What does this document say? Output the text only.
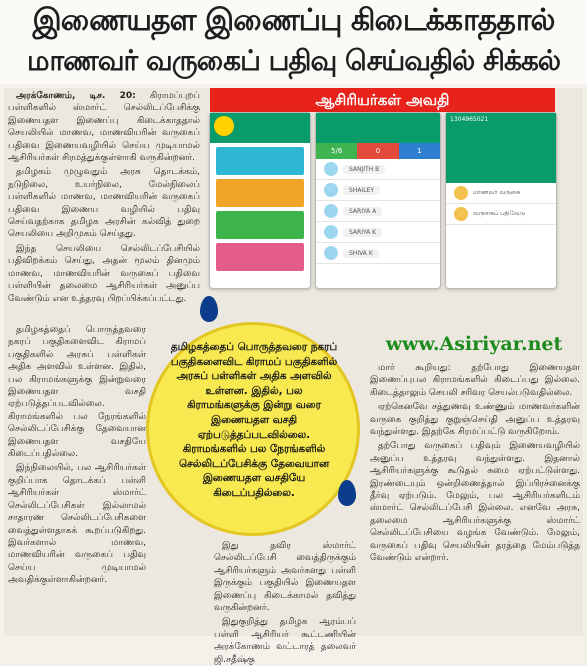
இணையதள இணைப்பு கிடைக்காததால்
மாணவர் வருகைப் பதிவு செய்வதில் சிக்கல்

அரக்கோணம், டிச. 20: கிராமப்புறப் பள்ளிகளில் ஸ்மார்ட் செல்லிடப்பேசிக்கு இணையதள இணைப்பு கிடைக்காததால் செயலியில் மாணவ, மாணவியரின் வருகைப் பதிவை இணையவழியில் செய்ய முடியாமல் ஆசிரியர்கள் சிரமத்துக்குள்ளாகி வருகின்றனர்.

தமிழகம் முழுவதும் அரசு தொடக்கம், நடுநிலை, உயர்நிலை, மேல்நிலைப் பள்ளிகளில் மாணவ, மாணவியரின் வருகைப் பதிவை இணைய வழியில் பதிவு செய்வதற்காக தமிழக அரசின் கல்வித் துறை செயலியை அறிமுகம் செய்தது.

இந்த செயலியை செல்லிடப்பேசியில் பதிவிறக்கம் செய்து, அதன் மூலம் தினமும் மாணவ, மாணவியரின் வருகைப் பதிவை பள்ளியின் தலைமை ஆசிரியர்கள் அனுப்ப வேண்டும் என உத்தரவு பிறப்பிக்கப்பட்டது.

தமிழகத்தைப் பொருத்தவரை நகரப் பகுதிகளைவிட கிராமப் பகுதிகளில் அரசுப் பள்ளிகள் அதிக அளவில் உள்ளன. இதில், பல கிராமங்களுக்கு இன்றுவரை இணையதள வசதி ஏற்படுத்தப்படவில்லை. கிராமங்களில் பல நேரங்களில் செல்லிடப்பேசிக்கு தேவையான இணையதள வசதியே கிடைப்பதில்லை.

இந்நிலையில், பல ஆசிரியர்கள் குறிப்பாக தொடக்கப் பள்ளி ஆசிரியர்கள் ஸ்மார்ட் செல்லிடப்பேசிகள் இல்லாமல் சாதாரண செல்லிடப்பேசிகளை வைத்துள்ளதாகக் கூறப்படுகிறது. இவர்களால் மாணவ, மாணவியரின் வருகைப் பதிவு செய்ய முடியாமல் அவதிக்குள்ளாகின்றனர்.

இது தவிர ஸ்மார்ட் செல்லிடப்பேசி வைத்திருக்கும் ஆசிரியர்களும் அவர்களது பள்ளி இருக்கும் பகுதியில் இணையதள இணைப்பு கிடைக்காமல் தவித்து வருகின்றனர்.

இதுகுறித்து தமிழக ஆரம்பப் பள்ளி ஆசிரியர் கூட்டணியின் அரக்கோணம் வட்டாரத் தலைவர் ஜி.சதீஷ்கு

மார் கூறியது: தற்போது இணையதள இணைப்புபல கிராமங்களில் கிடைப்பது இல்லை. கிடைத்தாலும் செயலி சரிவர செயல்படுவதில்லை.

ஏற்கெனவே சத்துணவு உண்ணும் மாணவர்களின் வருகை குறித்து குறுஞ்செய்தி அனுப்ப உத்தரவு வந்துள்ளது. இதற்கே சிரமப்பட்டு வருகிறோம்.

தற்போது வருகைப் பதிவும் இணையவழியில் அனுப்ப உத்தரவு வந்துள்ளது. இதனால் ஆசிரியர்களுக்கு கூடுதல் சுமை ஏற்பட்டுள்ளது. இரண்டையும் ஒன்றிணைத்தால் இப்பிரச்னைக்கு தீர்வு ஏற்படும். மேலும், பல ஆசிரியர்களிடம் ஸ்மார்ட் செல்லிடப்பேசி இல்லை. எனவே அரசு, தலைமை ஆசிரியர்களுக்கு ஸ்மார்ட் செல்லிடப்பேசியை வழங்க வேண்டும். மேலும், வருகைப் பதிவு செயலியின் தரத்தை மேம்படுத்த வேண்டும் என்றார்.

ஆசிரியர்கள் அவதி
5/6	0	1
SANJITH B
SHAILEY
SARIYA A
SARIYA K
SHIVA K
1304965021
மாணவர் வருகை
வருகைப் பதிவேடு
தமிழகத்தைப் பொருத்தவரை நகரப் பகுதிகளைவிட கிராமப் பகுதிகளில் அரசுப் பள்ளிகள் அதிக அளவில் உள்ளன. இதில், பல கிராமங்களுக்கு இன்று வரை இணையதள வசதி ஏற்படுத்தப்படவில்லை. கிராமங்களில் பல நேரங்களில் செல்லிடப்பேசிக்கு தேவையான இணையதள வசதியே கிடைப்பதில்லை.
www.Asiriyar.net
